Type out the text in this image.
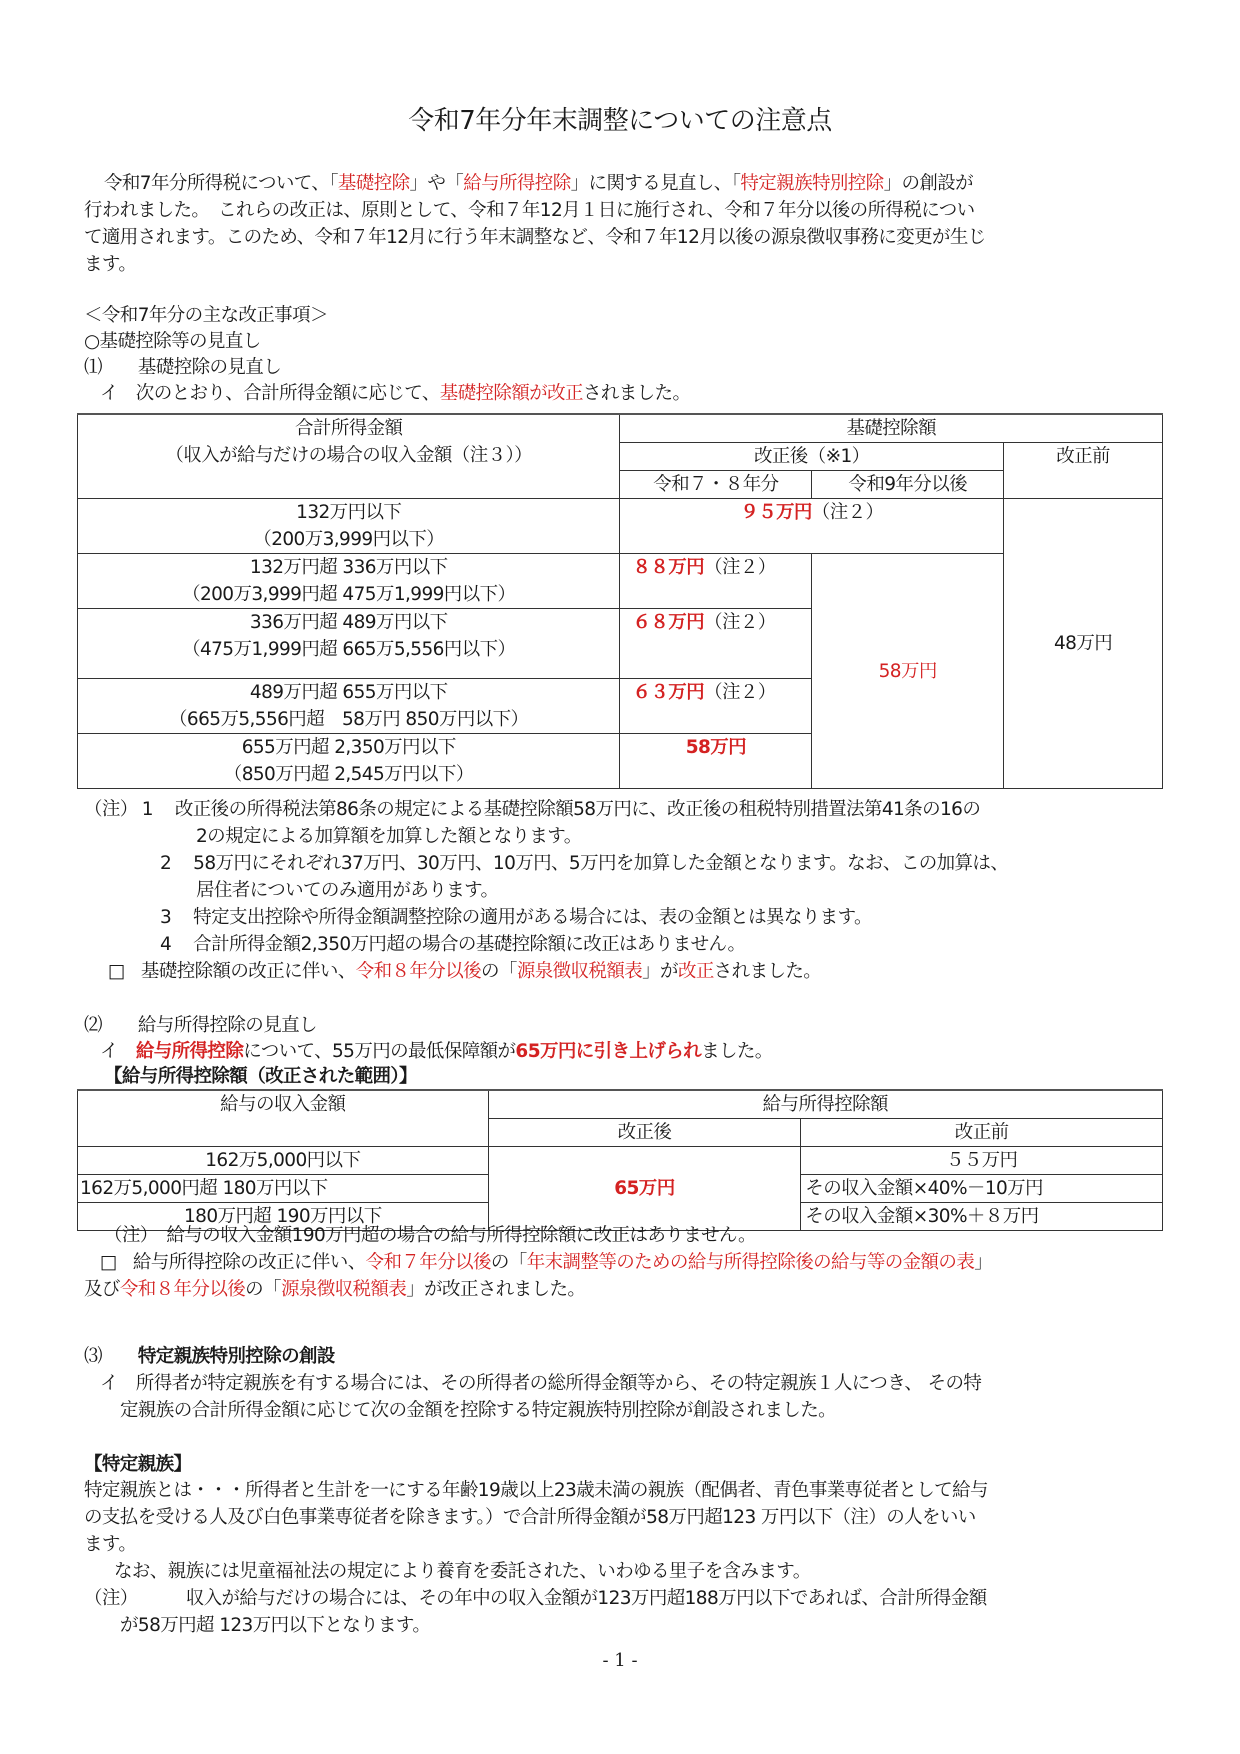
令和7年分年末調整についての注意点
令和7年分所得税について、「基礎控除」や「給与所得控除」に関する見直し、「特定親族特別控除」の創設が
行われました。　これらの改正は、原則として、令和７年12月１日に施行され、令和７年分以後の所得税につい
て適用されます。このため、令和７年12月に行う年末調整など、令和７年12月以後の源泉徴収事務に変更が生じ
ます。
＜令和7年分の主な改正事項＞
○基礎控除等の見直し
⑴ 基礎控除の見直し
イ　次のとおり、合計所得金額に応じて、基礎控除額が改正されました。
合計所得金額
（収入が給与だけの場合の収入金額（注３））	基礎控除額		
	改正後（※1）		改正前
	令和７・８年分	令和9年分以後	

132万円以下
（200万3,999円以下）	９５万円（注２）		48万円

132万円超 336万円以下
（200万3,999円超 475万1,999円以下）	８８万円（注２）	58万円	

336万円超 489万円以下
（475万1,999円超 665万5,556円以下）	６８万円（注２）		

489万円超 655万円以下
（665万5,556円超　58万円 850万円以下）	６３万円（注２）		

655万円超 2,350万円以下
（850万円超 2,545万円以下）	58万円		
（注） 1 改正後の所得税法第86条の規定による基礎控除額58万円に、改正後の租税特別措置法第41条の16の
2の規定による加算額を加算した額となります。
2 58万円にそれぞれ37万円、30万円、10万円、5万円を加算した金額となります。なお、この加算は、
居住者についてのみ適用があります。
3 特定支出控除や所得金額調整控除の適用がある場合には、表の金額とは異なります。
4 合計所得金額2,350万円超の場合の基礎控除額に改正はありません。
□ 基礎控除額の改正に伴い、令和８年分以後の「源泉徴収税額表」が改正されました。
⑵ 給与所得控除の見直し
イ　給与所得控除について、55万円の最低保障額が65万円に引き上げられました。
【給与所得控除額（改正された範囲）】
給与の収入金額	給与所得控除額	
	改正後	改正前
162万5,000円以下	65万円	５５万円
162万5,000円超 180万円以下		その収入金額×40%－10万円
180万円超 190万円以下		その収入金額×30%＋８万円
（注）　給与の収入金額190万円超の場合の給与所得控除額に改正はありません。
□ 給与所得控除の改正に伴い、令和７年分以後の「年末調整等のための給与所得控除後の給与等の金額の表」
及び令和８年分以後の「源泉徴収税額表」が改正されました。
⑶ 特定親族特別控除の創設
イ　所得者が特定親族を有する場合には、その所得者の総所得金額等から、その特定親族１人につき、 その特
定親族の合計所得金額に応じて次の金額を控除する特定親族特別控除が創設されました。
【特定親族】
特定親族とは・・・所得者と生計を一にする年齢19歳以上23歳未満の親族（配偶者、青色事業専従者として給与
の支払を受ける人及び白色事業専従者を除きます。）で合計所得金額が58万円超123 万円以下（注）の人をいい
ます。
なお、親族には児童福祉法の規定により養育を委託された、いわゆる里子を含みます。
（注）	収入が給与だけの場合には、その年中の収入金額が123万円超188万円以下であれば、合計所得金額
が58万円超 123万円以下となります。
- 1 -
